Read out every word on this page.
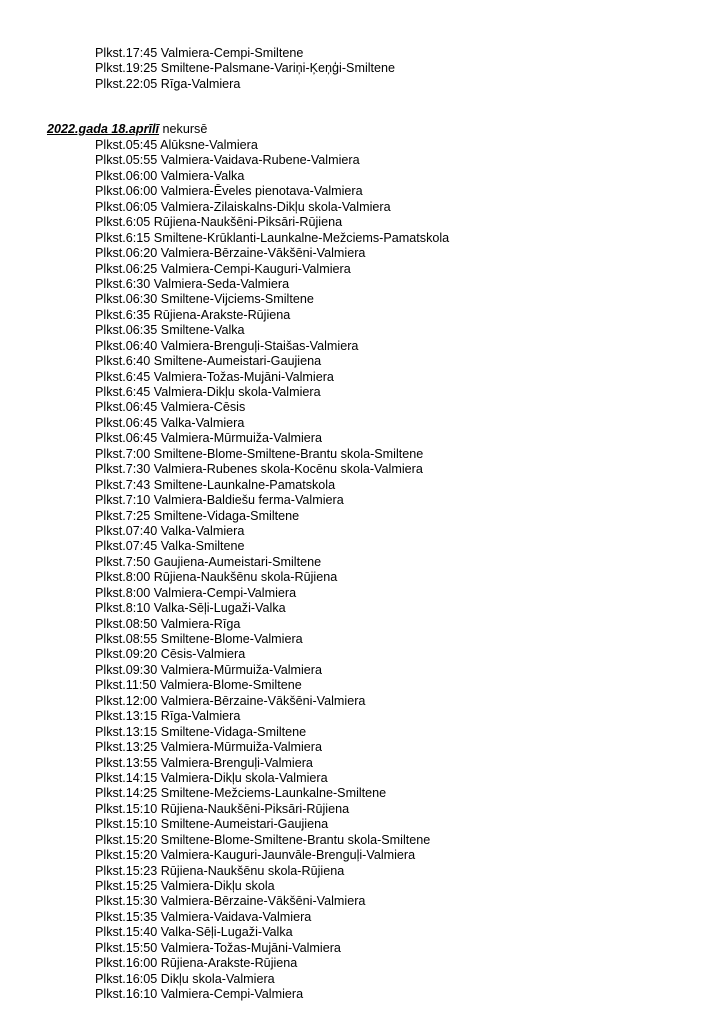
Plkst.17:45 Valmiera-Cempi-Smiltene
Plkst.19:25 Smiltene-Palsmane-Variņi-Ķeņģi-Smiltene
Plkst.22:05 Rīga-Valmiera
2022.gada 18.aprīlī nekursē
Plkst.05:45 Alūksne-Valmiera
Plkst.05:55 Valmiera-Vaidava-Rubene-Valmiera
Plkst.06:00 Valmiera-Valka
Plkst.06:00 Valmiera-Ēveles pienotava-Valmiera
Plkst.06:05 Valmiera-Zilaiskalns-Dikļu skola-Valmiera
Plkst.6:05 Rūjiena-Naukšēni-Piksāri-Rūjiena
Plkst.6:15 Smiltene-Krūklanti-Launkalne-Mežciems-Pamatskola
Plkst.06:20 Valmiera-Bērzaine-Vākšēni-Valmiera
Plkst.06:25 Valmiera-Cempi-Kauguri-Valmiera
Plkst.6:30 Valmiera-Seda-Valmiera
Plkst.06:30 Smiltene-Vijciems-Smiltene
Plkst.6:35 Rūjiena-Arakste-Rūjiena
Plkst.06:35 Smiltene-Valka
Plkst.06:40 Valmiera-Brenguļi-Staišas-Valmiera
Plkst.6:40 Smiltene-Aumeistari-Gaujiena
Plkst.6:45 Valmiera-Tožas-Mujāni-Valmiera
Plkst.6:45 Valmiera-Dikļu skola-Valmiera
Plkst.06:45 Valmiera-Cēsis
Plkst.06:45 Valka-Valmiera
Plkst.06:45 Valmiera-Mūrmuiža-Valmiera
Plkst.7:00 Smiltene-Blome-Smiltene-Brantu skola-Smiltene
Plkst.7:30 Valmiera-Rubenes skola-Kocēnu skola-Valmiera
Plkst.7:43 Smiltene-Launkalne-Pamatskola
Plkst.7:10 Valmiera-Baldiešu ferma-Valmiera
Plkst.7:25 Smiltene-Vidaga-Smiltene
Plkst.07:40 Valka-Valmiera
Plkst.07:45 Valka-Smiltene
Plkst.7:50 Gaujiena-Aumeistari-Smiltene
Plkst.8:00 Rūjiena-Naukšēnu skola-Rūjiena
Plkst.8:00 Valmiera-Cempi-Valmiera
Plkst.8:10 Valka-Sēļi-Lugaži-Valka
Plkst.08:50 Valmiera-Rīga
Plkst.08:55 Smiltene-Blome-Valmiera
Plkst.09:20 Cēsis-Valmiera
Plkst.09:30 Valmiera-Mūrmuiža-Valmiera
Plkst.11:50 Valmiera-Blome-Smiltene
Plkst.12:00 Valmiera-Bērzaine-Vākšēni-Valmiera
Plkst.13:15 Rīga-Valmiera
Plkst.13:15 Smiltene-Vidaga-Smiltene
Plkst.13:25 Valmiera-Mūrmuiža-Valmiera
Plkst.13:55 Valmiera-Brenguļi-Valmiera
Plkst.14:15 Valmiera-Dikļu skola-Valmiera
Plkst.14:25 Smiltene-Mežciems-Launkalne-Smiltene
Plkst.15:10 Rūjiena-Naukšēni-Piksāri-Rūjiena
Plkst.15:10 Smiltene-Aumeistari-Gaujiena
Plkst.15:20 Smiltene-Blome-Smiltene-Brantu skola-Smiltene
Plkst.15:20 Valmiera-Kauguri-Jaunvāle-Brenguļi-Valmiera
Plkst.15:23 Rūjiena-Naukšēnu skola-Rūjiena
Plkst.15:25 Valmiera-Dikļu skola
Plkst.15:30 Valmiera-Bērzaine-Vākšēni-Valmiera
Plkst.15:35 Valmiera-Vaidava-Valmiera
Plkst.15:40 Valka-Sēļi-Lugaži-Valka
Plkst.15:50 Valmiera-Tožas-Mujāni-Valmiera
Plkst.16:00 Rūjiena-Arakste-Rūjiena
Plkst.16:05 Dikļu skola-Valmiera
Plkst.16:10 Valmiera-Cempi-Valmiera
